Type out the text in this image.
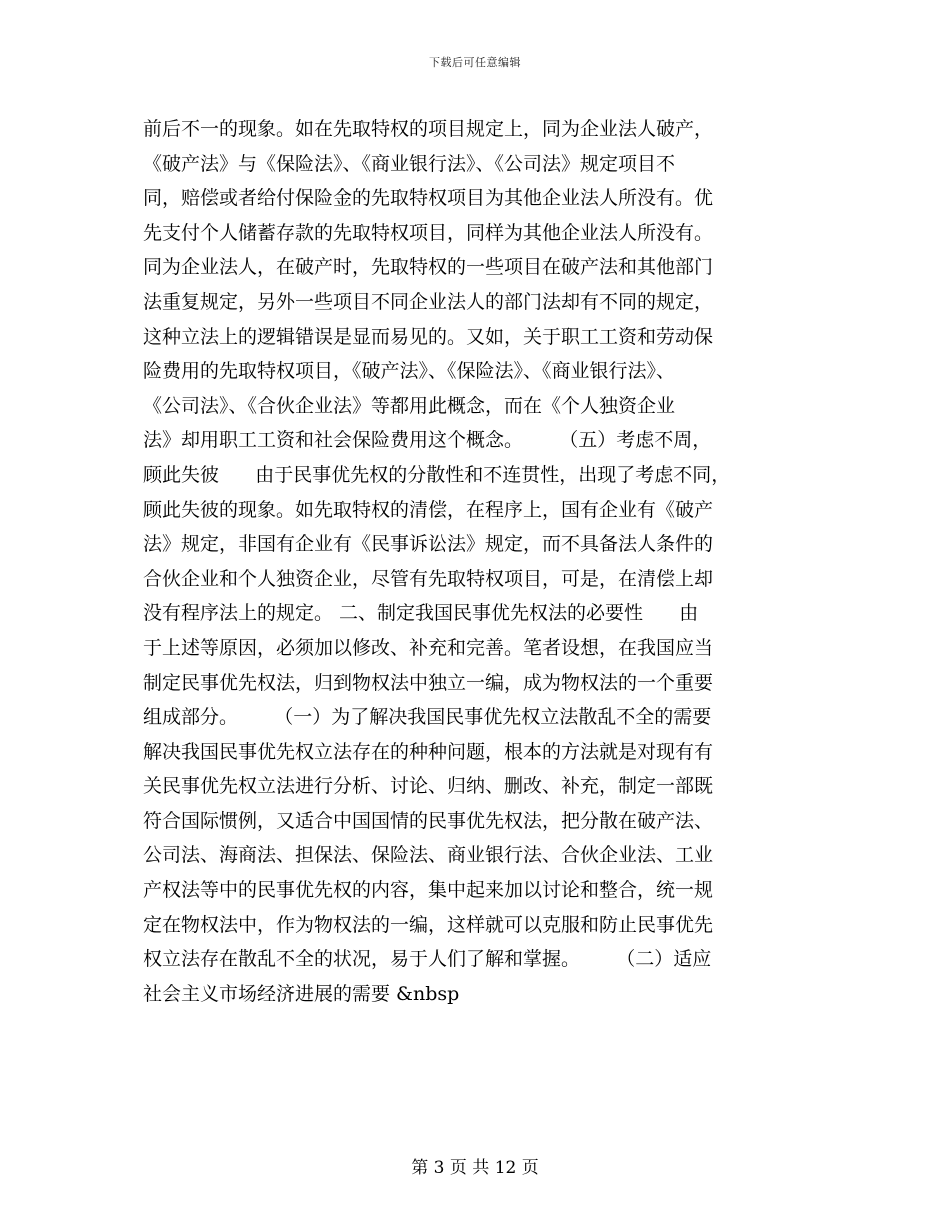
下载后可任意编辑
前后不一的现象。如在先取特权的项目规定上，同为企业法人破产，
《破产法》与《保险法》、《商业银行法》、《公司法》规定项目不
同，赔偿或者给付保险金的先取特权项目为其他企业法人所没有。优
先支付个人储蓄存款的先取特权项目，同样为其他企业法人所没有。
同为企业法人，在破产时，先取特权的一些项目在破产法和其他部门
法重复规定，另外一些项目不同企业法人的部门法却有不同的规定，
这种立法上的逻辑错误是显而易见的。又如，关于职工工资和劳动保
险费用的先取特权项目，《破产法》、《保险法》、《商业银行法》、
《公司法》、《合伙企业法》等都用此概念，而在《个人独资企业
法》却用职工工资和社会保险费用这个概念。      （五）考虑不周，
顾此失彼      由于民事优先权的分散性和不连贯性，出现了考虑不同，
顾此失彼的现象。如先取特权的清偿，在程序上，国有企业有《破产
法》规定，非国有企业有《民事诉讼法》规定，而不具备法人条件的
合伙企业和个人独资企业，尽管有先取特权项目，可是，在清偿上却
没有程序法上的规定。 二、制定我国民事优先权法的必要性      由
于上述等原因，必须加以修改、补充和完善。笔者设想，在我国应当
制定民事优先权法，归到物权法中独立一编，成为物权法的一个重要
组成部分。      （一）为了解决我国民事优先权立法散乱不全的需要
解决我国民事优先权立法存在的种种问题，根本的方法就是对现有有
关民事优先权立法进行分析、讨论、归纳、删改、补充，制定一部既
符合国际惯例，又适合中国国情的民事优先权法，把分散在破产法、
公司法、海商法、担保法、保险法、商业银行法、合伙企业法、工业
产权法等中的民事优先权的内容，集中起来加以讨论和整合，统一规
定在物权法中，作为物权法的一编，这样就可以克服和防止民事优先
权立法存在散乱不全的状况，易于人们了解和掌握。      （二）适应
社会主义市场经济进展的需要 &nbsp
第 3 页 共 12 页
